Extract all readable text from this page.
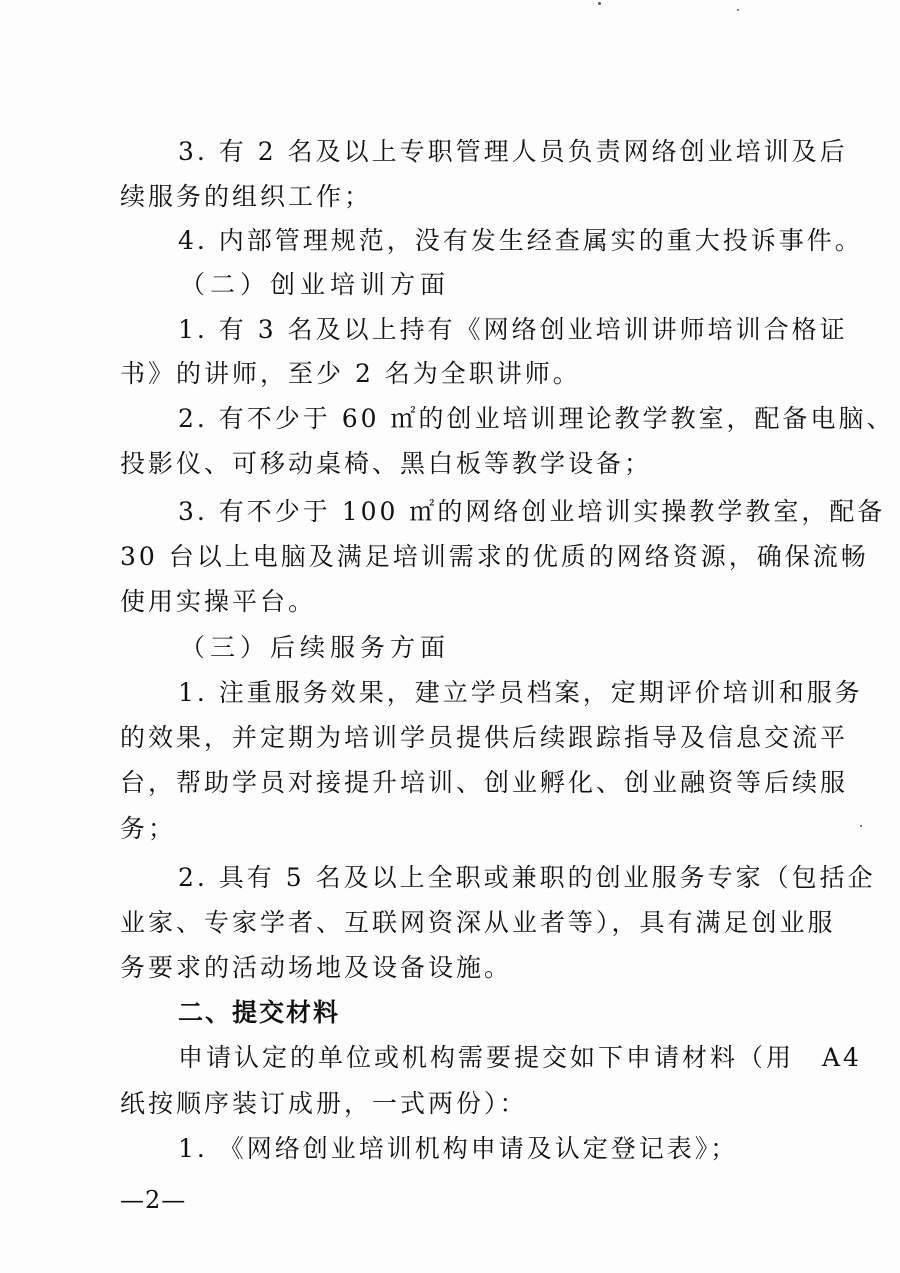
3. 有 2 名及以上专职管理人员负责网络创业培训及后
续服务的组织工作；
4. 内部管理规范，没有发生经查属实的重大投诉事件。
（二）创业培训方面
1. 有 3 名及以上持有《网络创业培训讲师培训合格证
书》的讲师，至少 2 名为全职讲师。
2. 有不少于 60 ㎡的创业培训理论教学教室，配备电脑、
投影仪、可移动桌椅、黑白板等教学设备；
3. 有不少于 100 ㎡的网络创业培训实操教学教室，配备
30 台以上电脑及满足培训需求的优质的网络资源，确保流畅
使用实操平台。
（三）后续服务方面
1. 注重服务效果，建立学员档案，定期评价培训和服务
的效果，并定期为培训学员提供后续跟踪指导及信息交流平
台，帮助学员对接提升培训、创业孵化、创业融资等后续服
务；
2. 具有 5 名及以上全职或兼职的创业服务专家（包括企
业家、专家学者、互联网资深从业者等），具有满足创业服
务要求的活动场地及设备设施。
二、提交材料
申请认定的单位或机构需要提交如下申请材料（用　A4
纸按顺序装订成册，一式两份）：
1. 《网络创业培训机构申请及认定登记表》；
—2—
